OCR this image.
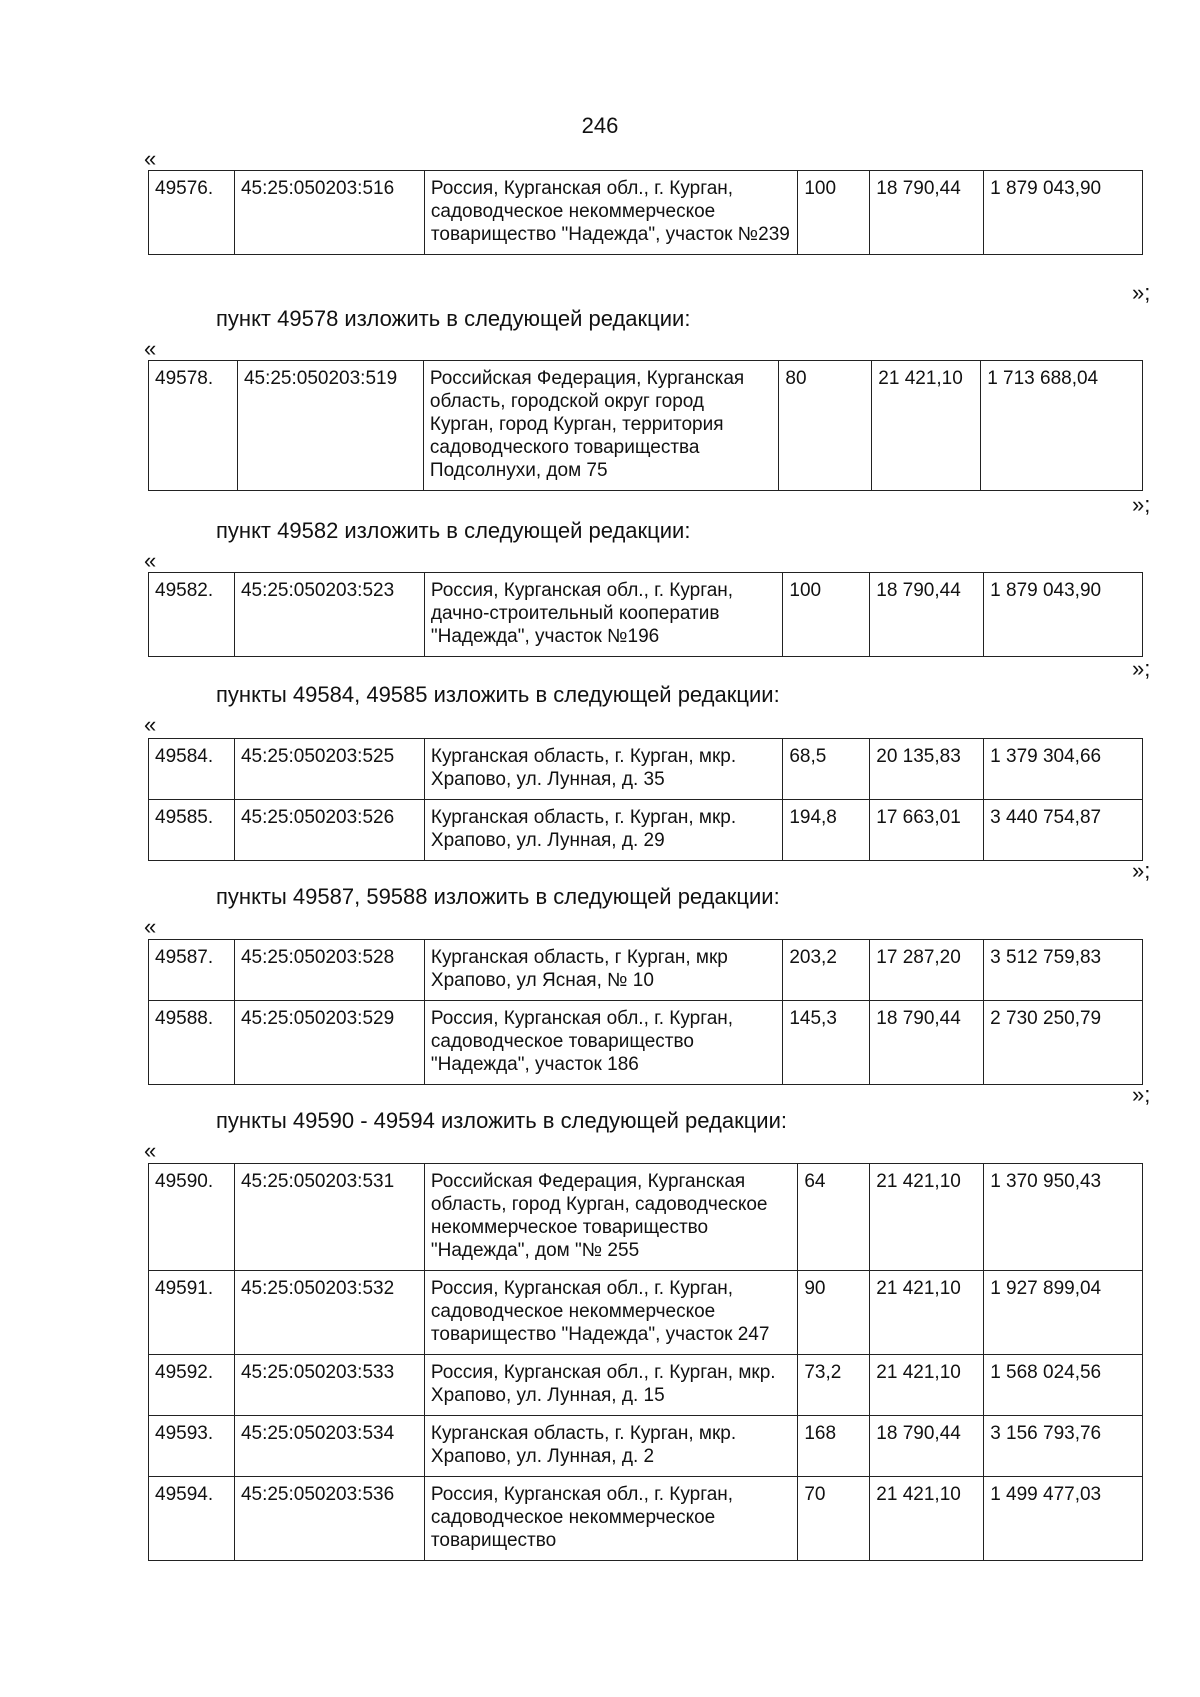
246
«
49576.	45:25:050203:516	Россия, Курганская обл., г. Курган, садоводческое некоммерческое товарищество "Надежда", участок №239	100	18 790,44	1 879 043,90
»;
пункт 49578 изложить в следующей редакции:
«
49578.	45:25:050203:519	Российская Федерация, Курганская область, городской округ город Курган, город Курган, территория садоводческого товарищества Подсолнухи, дом 75	80	21 421,10	1 713 688,04
»;
пункт 49582 изложить в следующей редакции:
«
49582.	45:25:050203:523	Россия, Курганская обл., г. Курган, дачно-строительный кооператив "Надежда", участок №196	100	18 790,44	1 879 043,90
»;
пункты 49584, 49585 изложить в следующей редакции:
«
49584.	45:25:050203:525	Курганская область, г. Курган, мкр. Храпово, ул. Лунная, д. 35	68,5	20 135,83	1 379 304,66
49585.	45:25:050203:526	Курганская область, г. Курган, мкр. Храпово, ул. Лунная, д. 29	194,8	17 663,01	3 440 754,87
»;
пункты 49587, 59588 изложить в следующей редакции:
«
49587.	45:25:050203:528	Курганская область, г Курган, мкр Храпово, ул Ясная, № 10	203,2	17 287,20	3 512 759,83
49588.	45:25:050203:529	Россия, Курганская обл., г. Курган, садоводческое товарищество "Надежда", участок 186	145,3	18 790,44	2 730 250,79
»;
пункты 49590 - 49594 изложить в следующей редакции:
«
49590.	45:25:050203:531	Российская Федерация, Курганская область, город Курган, садоводческое некоммерческое товарищество "Надежда", дом "№ 255	64	21 421,10	1 370 950,43
49591.	45:25:050203:532	Россия, Курганская обл., г. Курган, садоводческое некоммерческое товарищество "Надежда", участок 247	90	21 421,10	1 927 899,04
49592.	45:25:050203:533	Россия, Курганская обл., г. Курган, мкр. Храпово, ул. Лунная, д. 15	73,2	21 421,10	1 568 024,56
49593.	45:25:050203:534	Курганская область, г. Курган, мкр. Храпово, ул. Лунная, д. 2	168	18 790,44	3 156 793,76
49594.	45:25:050203:536	Россия, Курганская обл., г. Курган, садоводческое некоммерческое товарищество	70	21 421,10	1 499 477,03
